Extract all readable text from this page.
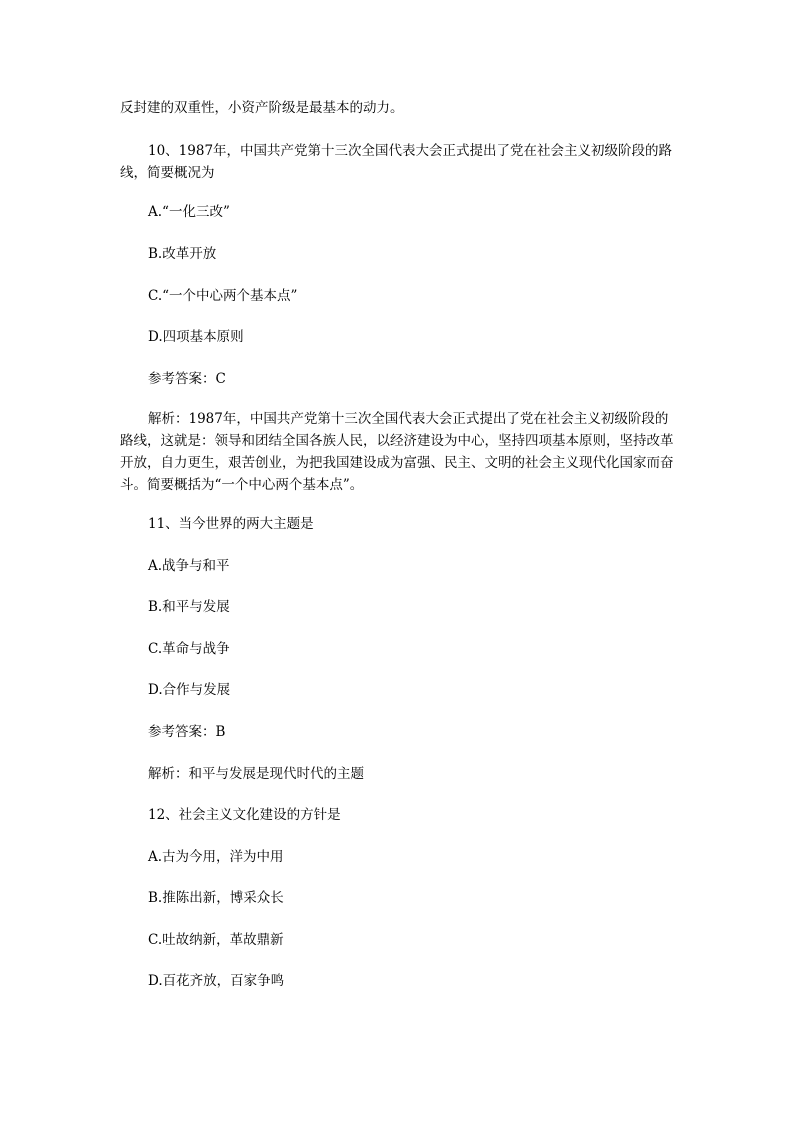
反封建的双重性，小资产阶级是最基本的动力。
10、1987年，中国共产党第十三次全国代表大会正式提出了党在社会主义初级阶段的路线，简要概况为
A.“一化三改”
B.改革开放
C.“一个中心两个基本点”
D.四项基本原则
参考答案：C
解析：1987年，中国共产党第十三次全国代表大会正式提出了党在社会主义初级阶段的路线，这就是：领导和团结全国各族人民，以经济建设为中心，坚持四项基本原则，坚持改革开放，自力更生，艰苦创业，为把我国建设成为富强、民主、文明的社会主义现代化国家而奋斗。简要概括为“一个中心两个基本点”。
11、当今世界的两大主题是
A.战争与和平
B.和平与发展
C.革命与战争
D.合作与发展
参考答案：B
解析：和平与发展是现代时代的主题
12、社会主义文化建设的方针是
A.古为今用，洋为中用
B.推陈出新，博采众长
C.吐故纳新，革故鼎新
D.百花齐放，百家争鸣
